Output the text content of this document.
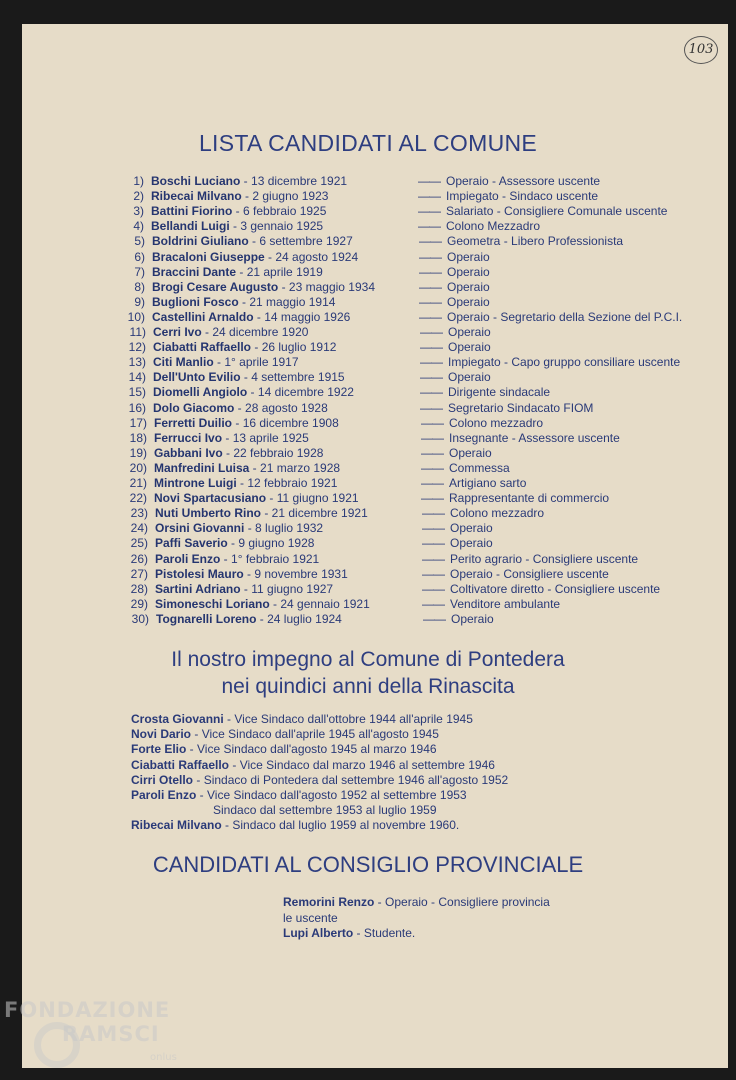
103
LISTA CANDIDATI AL COMUNE
1) Boschi Luciano - 13 dicembre 1921	—— Operaio - Assessore uscente
2) Ribecai Milvano - 2 giugno 1923	—— Impiegato - Sindaco uscente
3) Battini Fiorino - 6 febbraio 1925	—— Salariato - Consigliere Comunale uscente
4) Bellandi Luigi - 3 gennaio 1925	—— Colono Mezzadro
5) Boldrini Giuliano - 6 settembre 1927	—— Geometra - Libero Professionista
6) Bracaloni Giuseppe - 24 agosto 1924	—— Operaio
7) Braccini Dante - 21 aprile 1919	—— Operaio
8) Brogi Cesare Augusto - 23 maggio 1934	—— Operaio
9) Buglioni Fosco - 21 maggio 1914	—— Operaio
10) Castellini Arnaldo - 14 maggio 1926	—— Operaio - Segretario della Sezione del P.C.I.
11) Cerri Ivo - 24 dicembre 1920	—— Operaio
12) Ciabatti Raffaello - 26 luglio 1912	—— Operaio
13) Citi Manlio - 1° aprile 1917	—— Impiegato - Capo gruppo consiliare uscente
14) Dell'Unto Evilio - 4 settembre 1915	—— Operaio
15) Diomelli Angiolo - 14 dicembre 1922	—— Dirigente sindacale
16) Dolo Giacomo - 28 agosto 1928	—— Segretario Sindacato FIOM
17) Ferretti Duilio - 16 dicembre 1908	—— Colono mezzadro
18) Ferrucci Ivo - 13 aprile 1925	—— Insegnante - Assessore uscente
19) Gabbani Ivo - 22 febbraio 1928	—— Operaio
20) Manfredini Luisa - 21 marzo 1928	—— Commessa
21) Mintrone Luigi - 12 febbraio 1921	—— Artigiano sarto
22) Novi Spartacusiano - 11 giugno 1921	—— Rappresentante di commercio
23) Nuti Umberto Rino - 21 dicembre 1921	—— Colono mezzadro
24) Orsini Giovanni - 8 luglio 1932	—— Operaio
25) Paffi Saverio - 9 giugno 1928	—— Operaio
26) Paroli Enzo - 1° febbraio 1921	—— Perito agrario - Consigliere uscente
27) Pistolesi Mauro - 9 novembre 1931	—— Operaio - Consigliere uscente
28) Sartini Adriano - 11 giugno 1927	—— Coltivatore diretto - Consigliere uscente
29) Simoneschi Loriano - 24 gennaio 1921	—— Venditore ambulante
30) Tognarelli Loreno - 24 luglio 1924	—— Operaio
Il nostro impegno al Comune di Pontedera
nei quindici anni della Rinascita
Crosta Giovanni - Vice Sindaco dall'ottobre 1944 all'aprile 1945
Novi Dario - Vice Sindaco dall'aprile 1945 all'agosto 1945
Forte Elio - Vice Sindaco dall'agosto 1945 al marzo 1946
Ciabatti Raffaello - Vice Sindaco dal marzo 1946 al settembre 1946
Cirri Otello - Sindaco di Pontedera dal settembre 1946 all'agosto 1952
Paroli Enzo - Vice Sindaco dall'agosto 1952 al settembre 1953
Sindaco dal settembre 1953 al luglio 1959
Ribecai Milvano - Sindaco dal luglio 1959 al novembre 1960.
CANDIDATI AL CONSIGLIO PROVINCIALE
Remorini Renzo - Operaio - Consigliere provincia
le uscente
Lupi Alberto - Studente.
FONDAZIONE
RAMSCI
onlus
